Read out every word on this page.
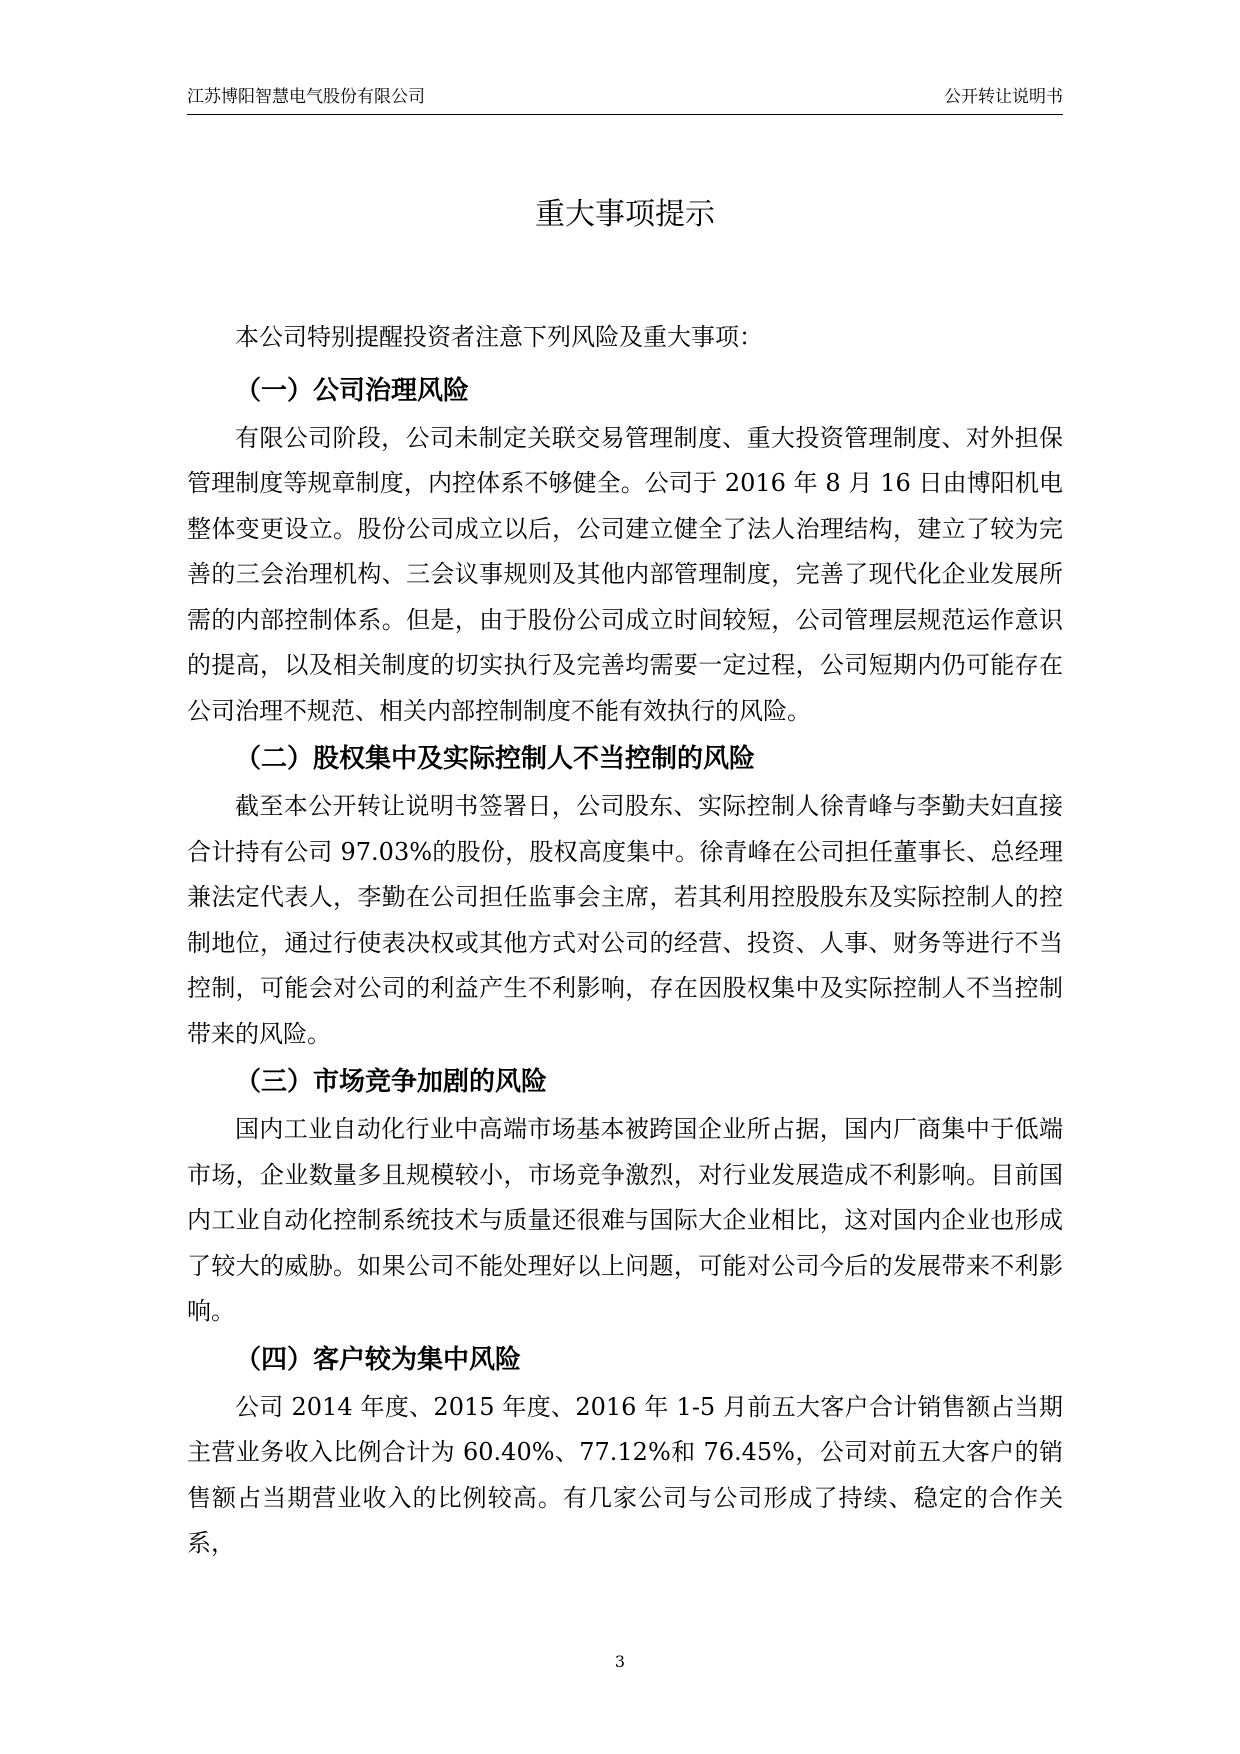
江苏博阳智慧电气股份有限公司	公开转让说明书
重大事项提示

本公司特别提醒投资者注意下列风险及重大事项：

（一）公司治理风险

有限公司阶段，公司未制定关联交易管理制度、重大投资管理制度、对外担保管理制度等规章制度，内控体系不够健全。公司于 2016 年 8 月 16 日由博阳机电整体变更设立。股份公司成立以后，公司建立健全了法人治理结构，建立了较为完善的三会治理机构、三会议事规则及其他内部管理制度，完善了现代化企业发展所需的内部控制体系。但是，由于股份公司成立时间较短，公司管理层规范运作意识的提高，以及相关制度的切实执行及完善均需要一定过程，公司短期内仍可能存在公司治理不规范、相关内部控制制度不能有效执行的风险。

（二）股权集中及实际控制人不当控制的风险

截至本公开转让说明书签署日，公司股东、实际控制人徐青峰与李勤夫妇直接合计持有公司 97.03%的股份，股权高度集中。徐青峰在公司担任董事长、总经理兼法定代表人，李勤在公司担任监事会主席，若其利用控股股东及实际控制人的控制地位，通过行使表决权或其他方式对公司的经营、投资、人事、财务等进行不当控制，可能会对公司的利益产生不利影响，存在因股权集中及实际控制人不当控制带来的风险。

（三）市场竞争加剧的风险

国内工业自动化行业中高端市场基本被跨国企业所占据，国内厂商集中于低端市场，企业数量多且规模较小，市场竞争激烈，对行业发展造成不利影响。目前国内工业自动化控制系统技术与质量还很难与国际大企业相比，这对国内企业也形成了较大的威胁。如果公司不能处理好以上问题，可能对公司今后的发展带来不利影响。

（四）客户较为集中风险

公司 2014 年度、2015 年度、2016 年 1-5 月前五大客户合计销售额占当期主营业务收入比例合计为 60.40%、77.12%和 76.45%，公司对前五大客户的销售额占当期营业收入的比例较高。有几家公司与公司形成了持续、稳定的合作关系，

3
